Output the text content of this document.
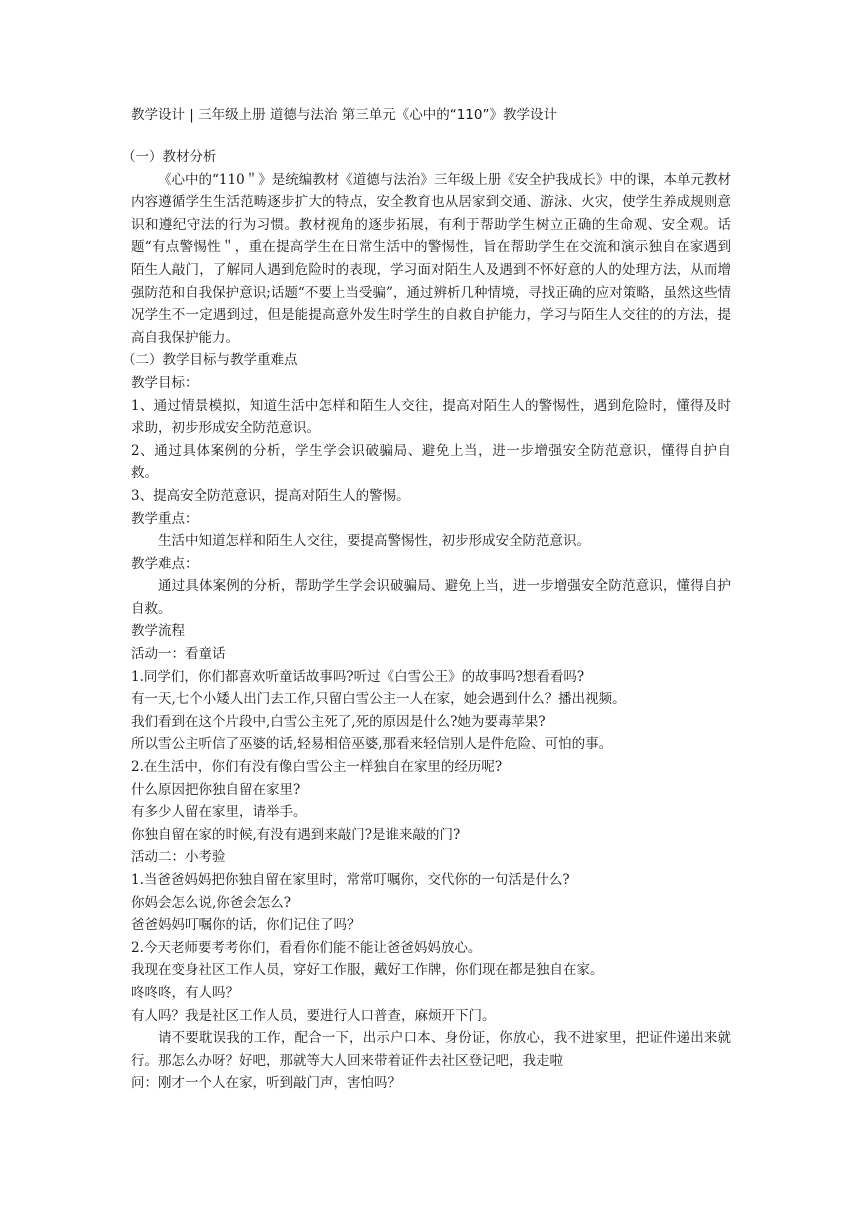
教学设计 | 三年级上册 道德与法治 第三单元《心中的“110”》教学设计

（一）教材分析

《心中的“110＂》是统编教材《道德与法治》三年级上册《安全护我成长》中的课，本单元教材内容遵循学生生活范畴逐步扩大的特点，安全教育也从居家到交通、游泳、火灾，使学生养成规则意识和遵纪守法的行为习惯。教材视角的逐步拓展，有利于帮助学生树立正确的生命观、安全观。话题“有点警惕性＂，重在提高学生在日常生活中的警惕性，旨在帮助学生在交流和演示独自在家遇到陌生人敲门，了解同人遇到危险时的表现，学习面对陌生人及遇到不怀好意的人的处理方法，从而增强防范和自我保护意识;话题“不要上当受骗”，通过辨析几种情境，寻找正确的应对策略，虽然这些情况学生不一定遇到过，但是能提高意外发生时学生的自救自护能力，学习与陌生人交往的的方法，提高自我保护能力。

（二）教学目标与教学重难点

教学目标：

1、通过情景模拟，知道生活中怎样和陌生人交往，提高对陌生人的警惕性，遇到危险时，懂得及时求助，初步形成安全防范意识。

2、通过具体案例的分析，学生学会识破骗局、避免上当，进一步增强安全防范意识，懂得自护自救。

3、提高安全防范意识，提高对陌生人的警惕。

教学重点：

生活中知道怎样和陌生人交往，要提高警惕性，初步形成安全防范意识。

教学难点：

通过具体案例的分析，帮助学生学会识破骗局、避免上当，进一步增强安全防范意识，懂得自护自救。

教学流程

活动一：看童话

1.同学们，你们都喜欢听童话故事吗?听过《白雪公王》的故事吗?想看看吗?

有一天,七个小矮人出门去工作,只留白雪公主一人在家，她会遇到什么？播出视频。

我们看到在这个片段中,白雪公主死了,死的原因是什么?她为要毒苹果?

所以雪公主听信了巫婆的话,轻易相倍巫婆,那看来轻信别人是件危险、可怕的事。

2.在生活中，你们有没有像白雪公主一样独自在家里的经历呢?

什么原因把你独自留在家里?

有多少人留在家里，请举手。

你独自留在家的时候,有没有遇到来敲门?是谁来敲的门?

活动二：小考验

1.当爸爸妈妈把你独自留在家里时，常常叮嘱你，交代你的一句活是什么?

你妈会怎么说,你爸会怎么?

爸爸妈妈叮嘱你的话，你们记住了吗？

2.今天老师要考考你们，看看你们能不能让爸爸妈妈放心。

我现在变身社区工作人员，穿好工作服，戴好工作牌，你们现在都是独自在家。

咚咚咚，有人吗？

有人吗？我是社区工作人员，要进行人口普查，麻烦开下门。

请不要耽误我的工作，配合一下，出示户口本、身份证，你放心，我不进家里，把证件递出来就行。那怎么办呀？好吧，那就等大人回来带着证件去社区登记吧，我走啦

问：刚才一个人在家，听到敲门声，害怕吗？
